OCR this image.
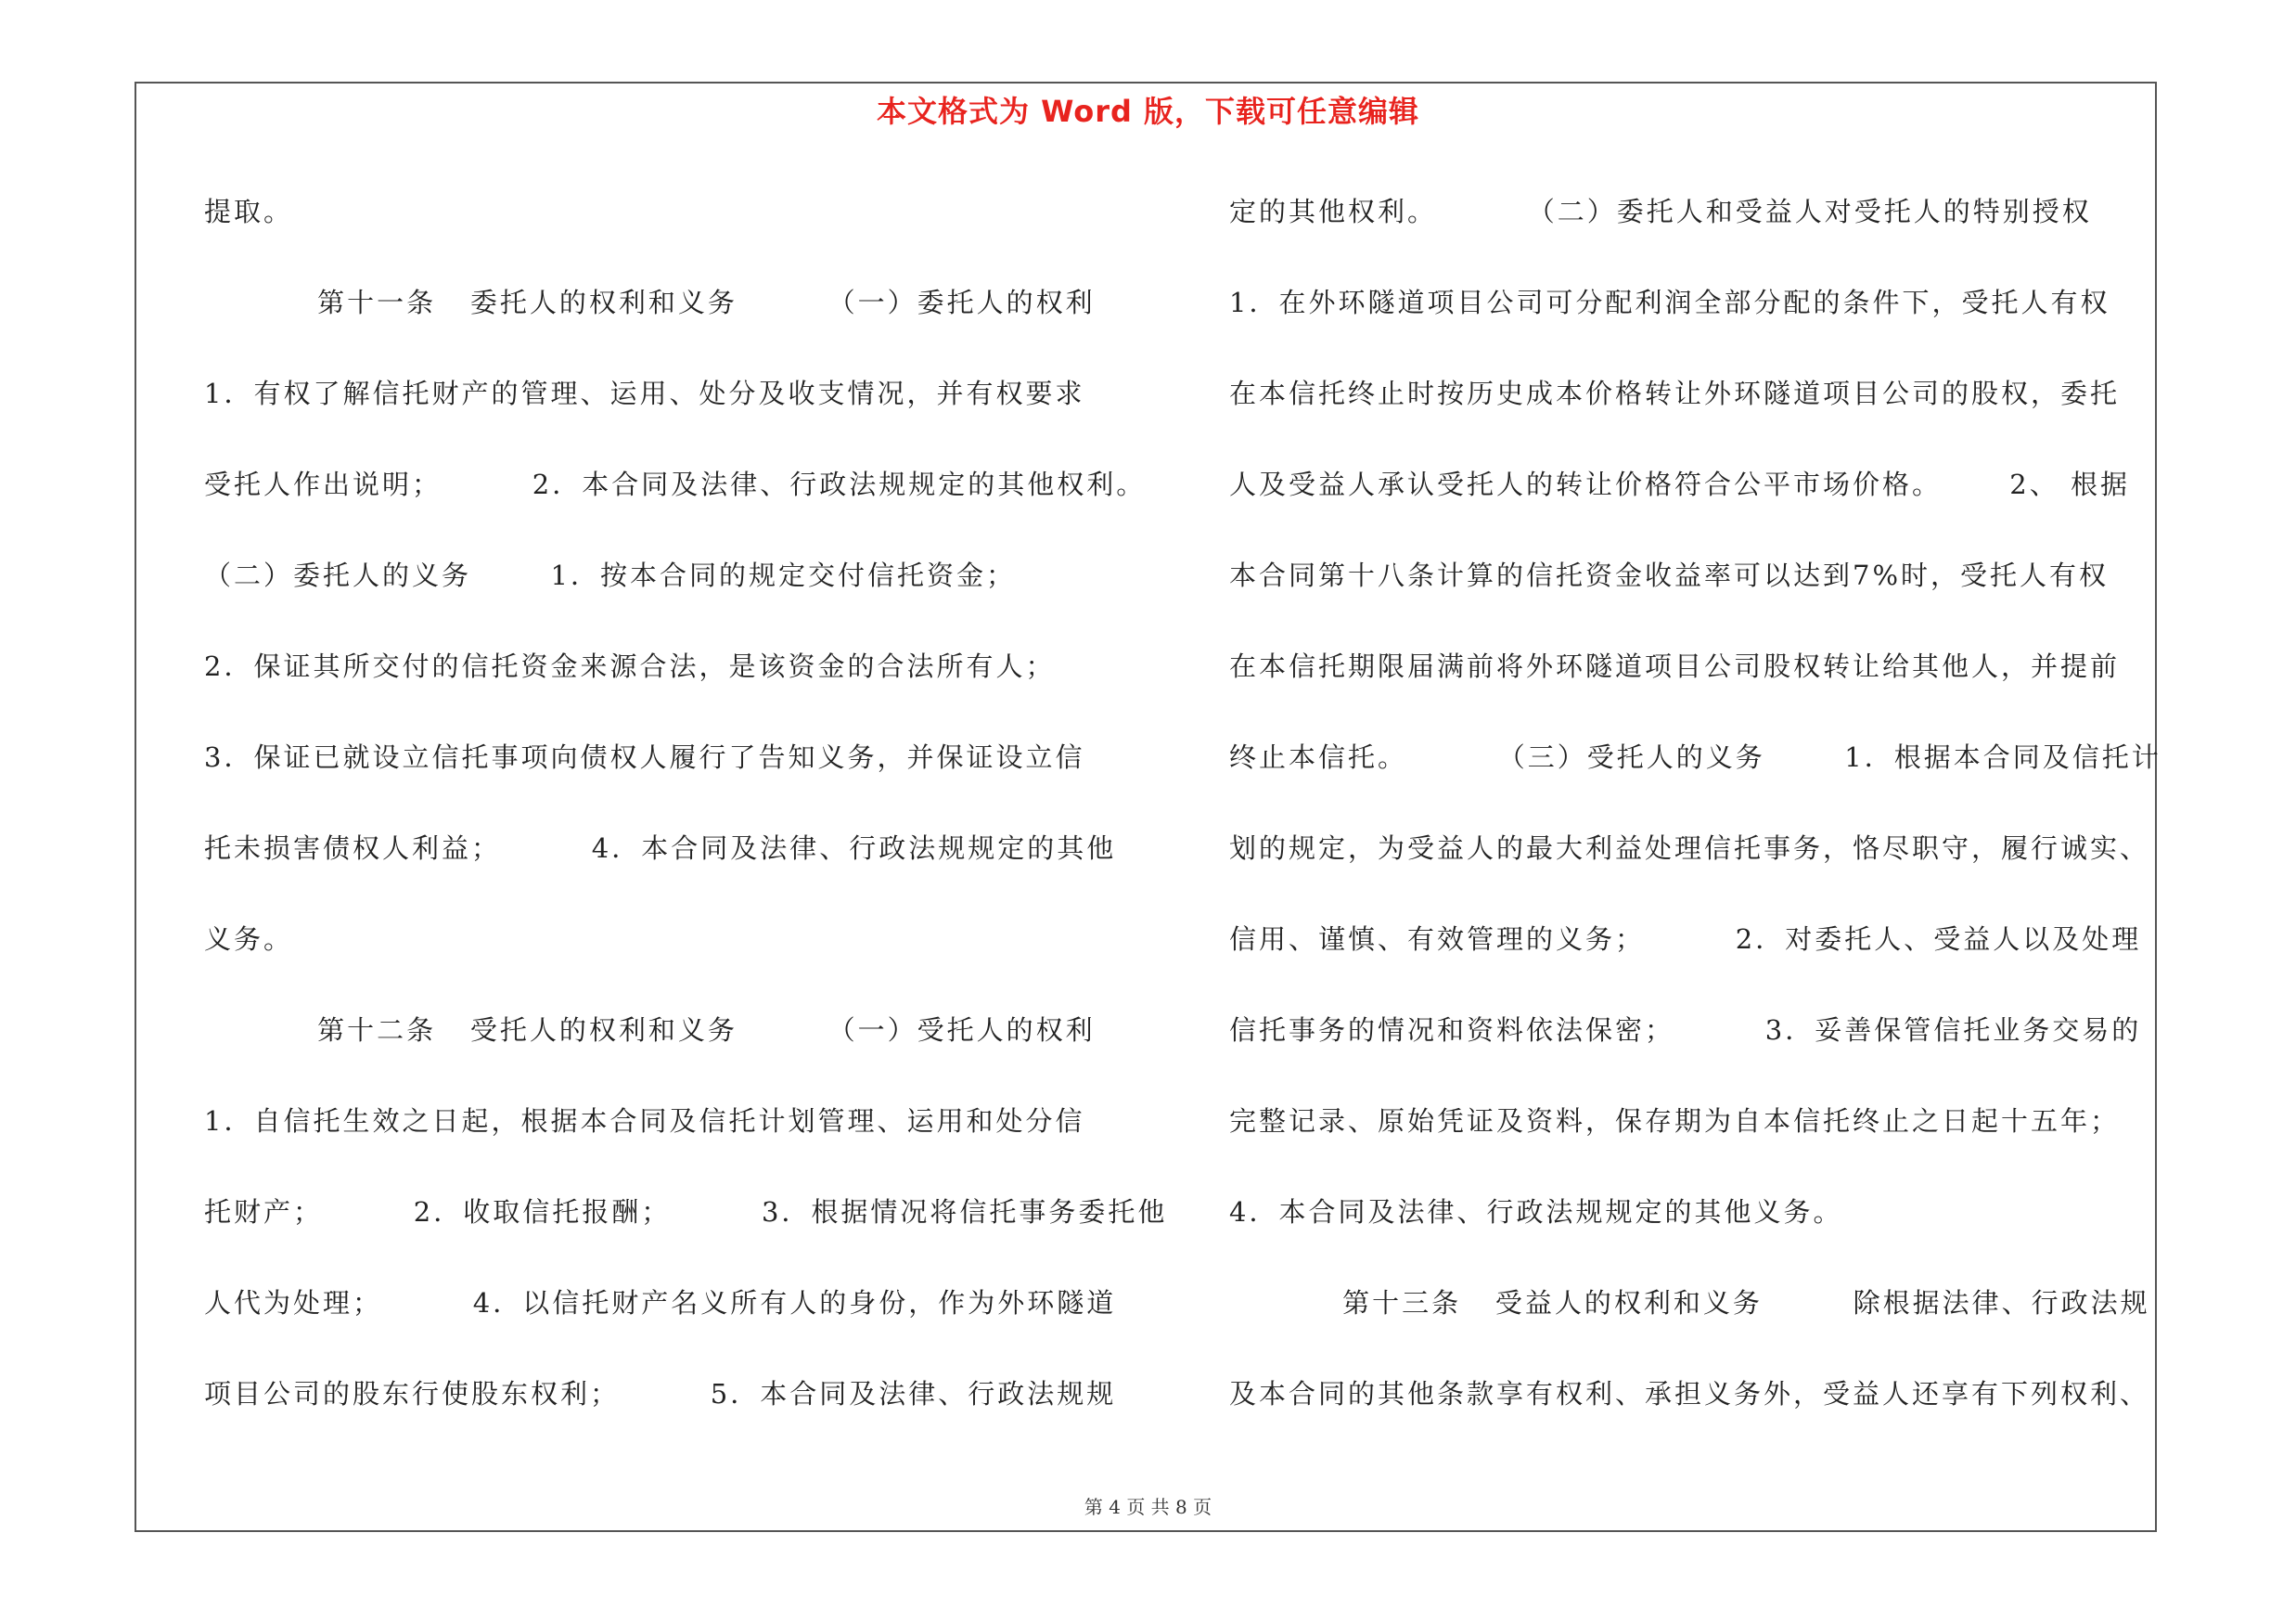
本文格式为 Word 版，下载可任意编辑
提取。
第十一条   委托人的权利和义务        （一）委托人的权利
1．有权了解信托财产的管理、运用、处分及收支情况，并有权要求
受托人作出说明；        2．本合同及法律、行政法规规定的其他权利。
（二）委托人的义务       1．按本合同的规定交付信托资金；
2．保证其所交付的信托资金来源合法，是该资金的合法所有人；
3．保证已就设立信托事项向债权人履行了告知义务，并保证设立信
托未损害债权人利益；        4．本合同及法律、行政法规规定的其他
义务。
第十二条   受托人的权利和义务        （一）受托人的权利
1．自信托生效之日起，根据本合同及信托计划管理、运用和处分信
托财产；        2．收取信托报酬；        3．根据情况将信托事务委托他
人代为处理；        4．以信托财产名义所有人的身份，作为外环隧道
项目公司的股东行使股东权利；        5．本合同及法律、行政法规规
定的其他权利。        （二）委托人和受益人对受托人的特别授权
1．在外环隧道项目公司可分配利润全部分配的条件下，受托人有权
在本信托终止时按历史成本价格转让外环隧道项目公司的股权，委托
人及受益人承认受托人的转让价格符合公平市场价格。      2、 根据
本合同第十八条计算的信托资金收益率可以达到7%时，受托人有权
在本信托期限届满前将外环隧道项目公司股权转让给其他人，并提前
终止本信托。        （三）受托人的义务       1．根据本合同及信托计
划的规定，为受益人的最大利益处理信托事务，恪尽职守，履行诚实、
信用、谨慎、有效管理的义务；        2．对委托人、受益人以及处理
信托事务的情况和资料依法保密；        3．妥善保管信托业务交易的
完整记录、原始凭证及资料，保存期为自本信托终止之日起十五年；
4．本合同及法律、行政法规规定的其他义务。
第十三条   受益人的权利和义务        除根据法律、行政法规
及本合同的其他条款享有权利、承担义务外，受益人还享有下列权利、
第 4 页 共 8 页
